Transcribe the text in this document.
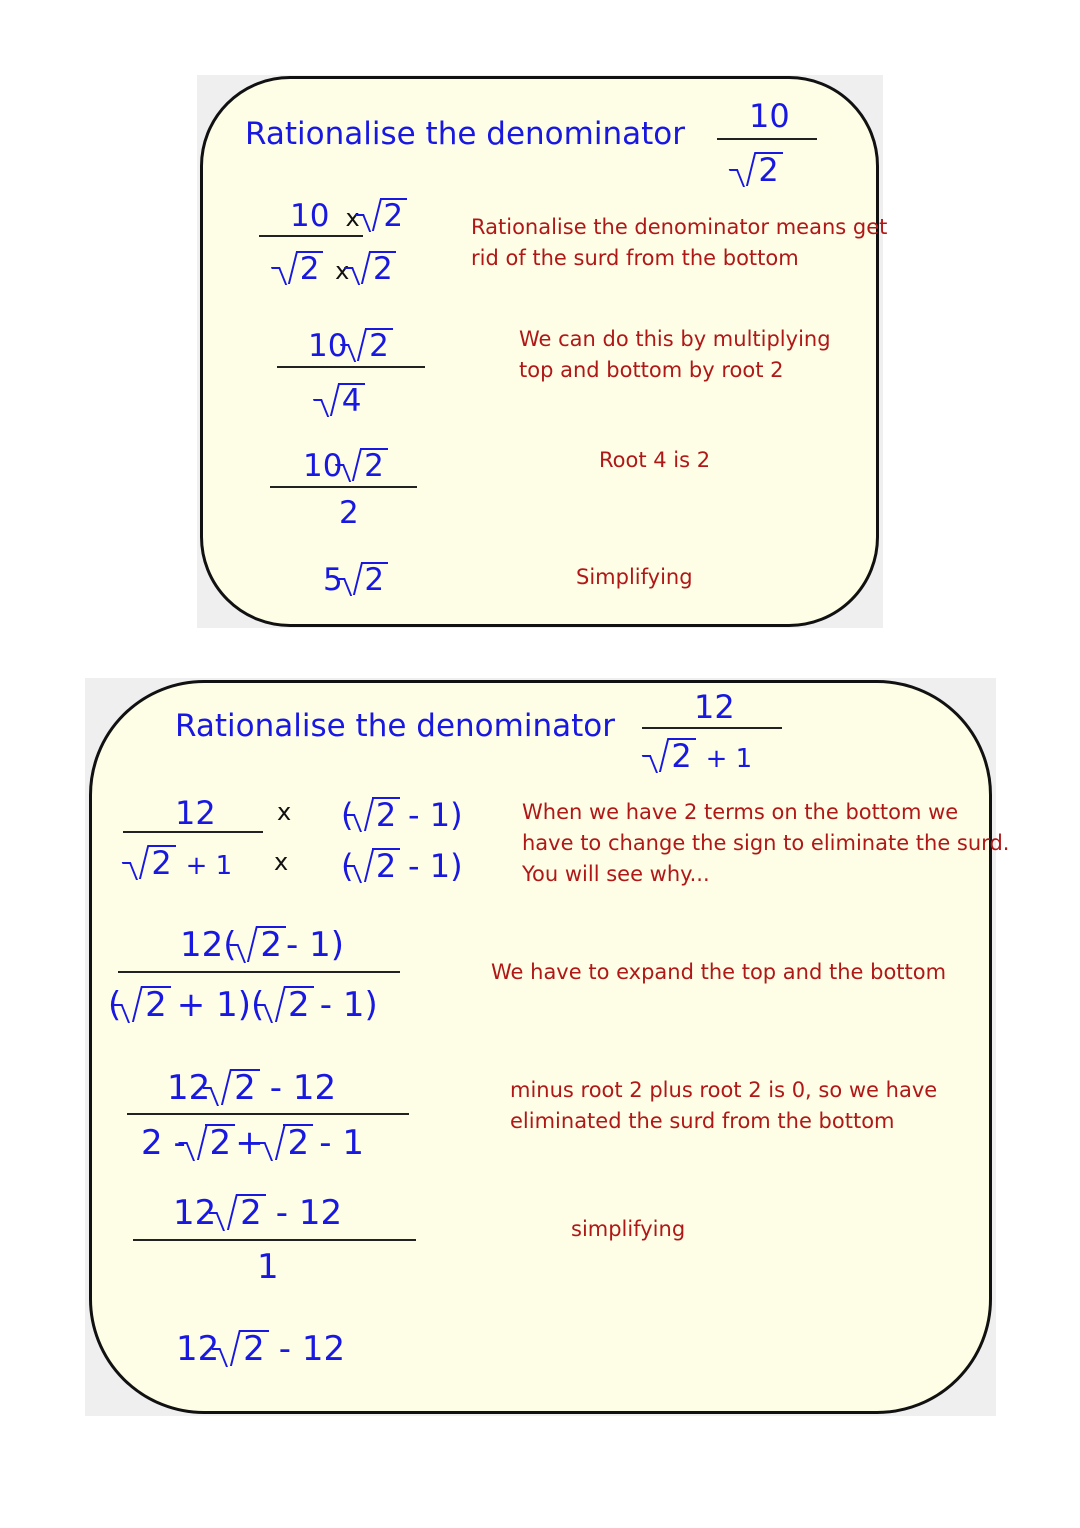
Rationalise the denominator 10
2
10 x 2
2 x 2
10 2
4
10 2
2
5 2
Rationalise the denominator means get
rid of the surd from the bottom
We can do this by multiplying
top and bottom by root 2
Root 4 is 2
Simplifying
Rationalise the denominator 12
2 + 1
12
2 + 1
x
x
( 2 - 1)
( 2 - 1)
12( 2 - 1)
( 2 + 1)( 2 - 1)
12 2 - 12
2 - 2 + 2 - 1
12 2 - 12
1
12 2 - 12
When we have 2 terms on the bottom we
have to change the sign to eliminate the surd.
You will see why...
We have to expand the top and the bottom
minus root 2 plus root 2 is 0, so we have
eliminated the surd from the bottom
simplifying
